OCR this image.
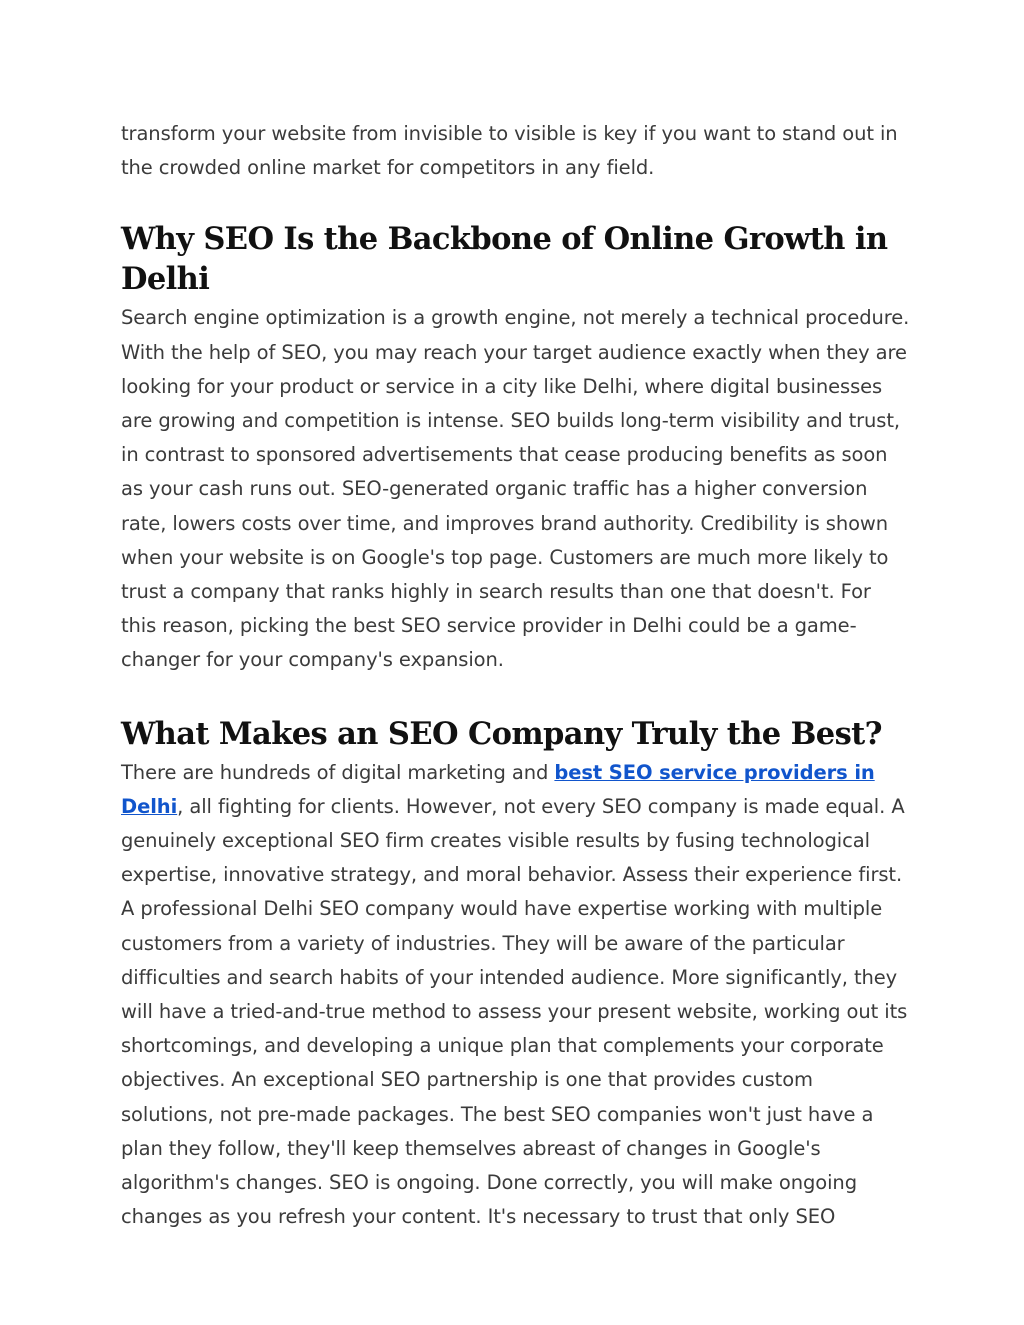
transform your website from invisible to visible is key if you want to stand out in the crowded online market for competitors in any field.

Why SEO Is the Backbone of Online Growth in Delhi

Search engine optimization is a growth engine, not merely a technical procedure. With the help of SEO, you may reach your target audience exactly when they are looking for your product or service in a city like Delhi, where digital businesses are growing and competition is intense. SEO builds long-term visibility and trust, in contrast to sponsored advertisements that cease producing benefits as soon as your cash runs out. SEO-generated organic traffic has a higher conversion rate, lowers costs over time, and improves brand authority. Credibility is shown when your website is on Google's top page. Customers are much more likely to trust a company that ranks highly in search results than one that doesn't. For this reason, picking the best SEO service provider in Delhi could be a game-changer for your company's expansion.

What Makes an SEO Company Truly the Best?

There are hundreds of digital marketing and best SEO service providers in Delhi, all fighting for clients. However, not every SEO company is made equal. A genuinely exceptional SEO firm creates visible results by fusing technological expertise, innovative strategy, and moral behavior. Assess their experience first. A professional Delhi SEO company would have expertise working with multiple customers from a variety of industries. They will be aware of the particular difficulties and search habits of your intended audience. More significantly, they will have a tried-and-true method to assess your present website, working out its shortcomings, and developing a unique plan that complements your corporate objectives. An exceptional SEO partnership is one that provides custom solutions, not pre-made packages. The best SEO companies won't just have a plan they follow, they'll keep themselves abreast of changes in Google's algorithm's changes. SEO is ongoing. Done correctly, you will make ongoing changes as you refresh your content. It's necessary to trust that only SEO
